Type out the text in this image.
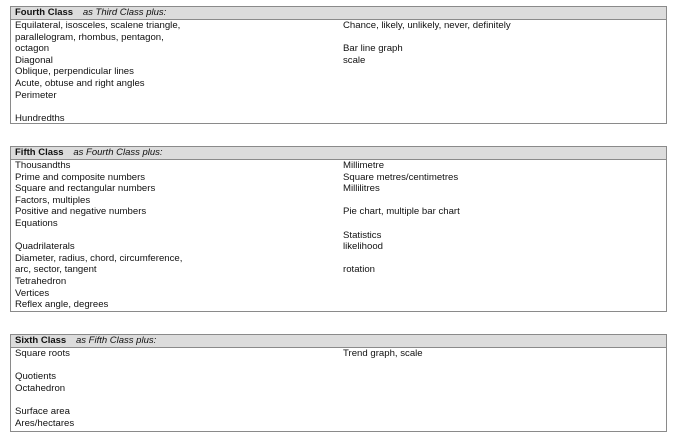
Fourth Class as Third Class plus:
Equilateral, isosceles, scalene triangle,
parallelogram, rhombus, pentagon,
octagon
Diagonal
Oblique, perpendicular lines
Acute, obtuse and right angles
Perimeter
Hundredths
Chance, likely, unlikely, never, definitely
Bar line graph
scale
Fifth Class as Fourth Class plus:
Thousandths
Prime and composite numbers
Square and rectangular numbers
Factors, multiples
Positive and negative numbers
Equations
Quadrilaterals
Diameter, radius, chord, circumference,
arc, sector, tangent
Tetrahedron
Vertices
Reflex angle, degrees
Millimetre
Square metres/centimetres
Millilitres
Pie chart, multiple bar chart
Statistics
likelihood
rotation
Sixth Class as Fifth Class plus:
Square roots
Quotients
Octahedron
Surface area
Ares/hectares
Trend graph, scale
